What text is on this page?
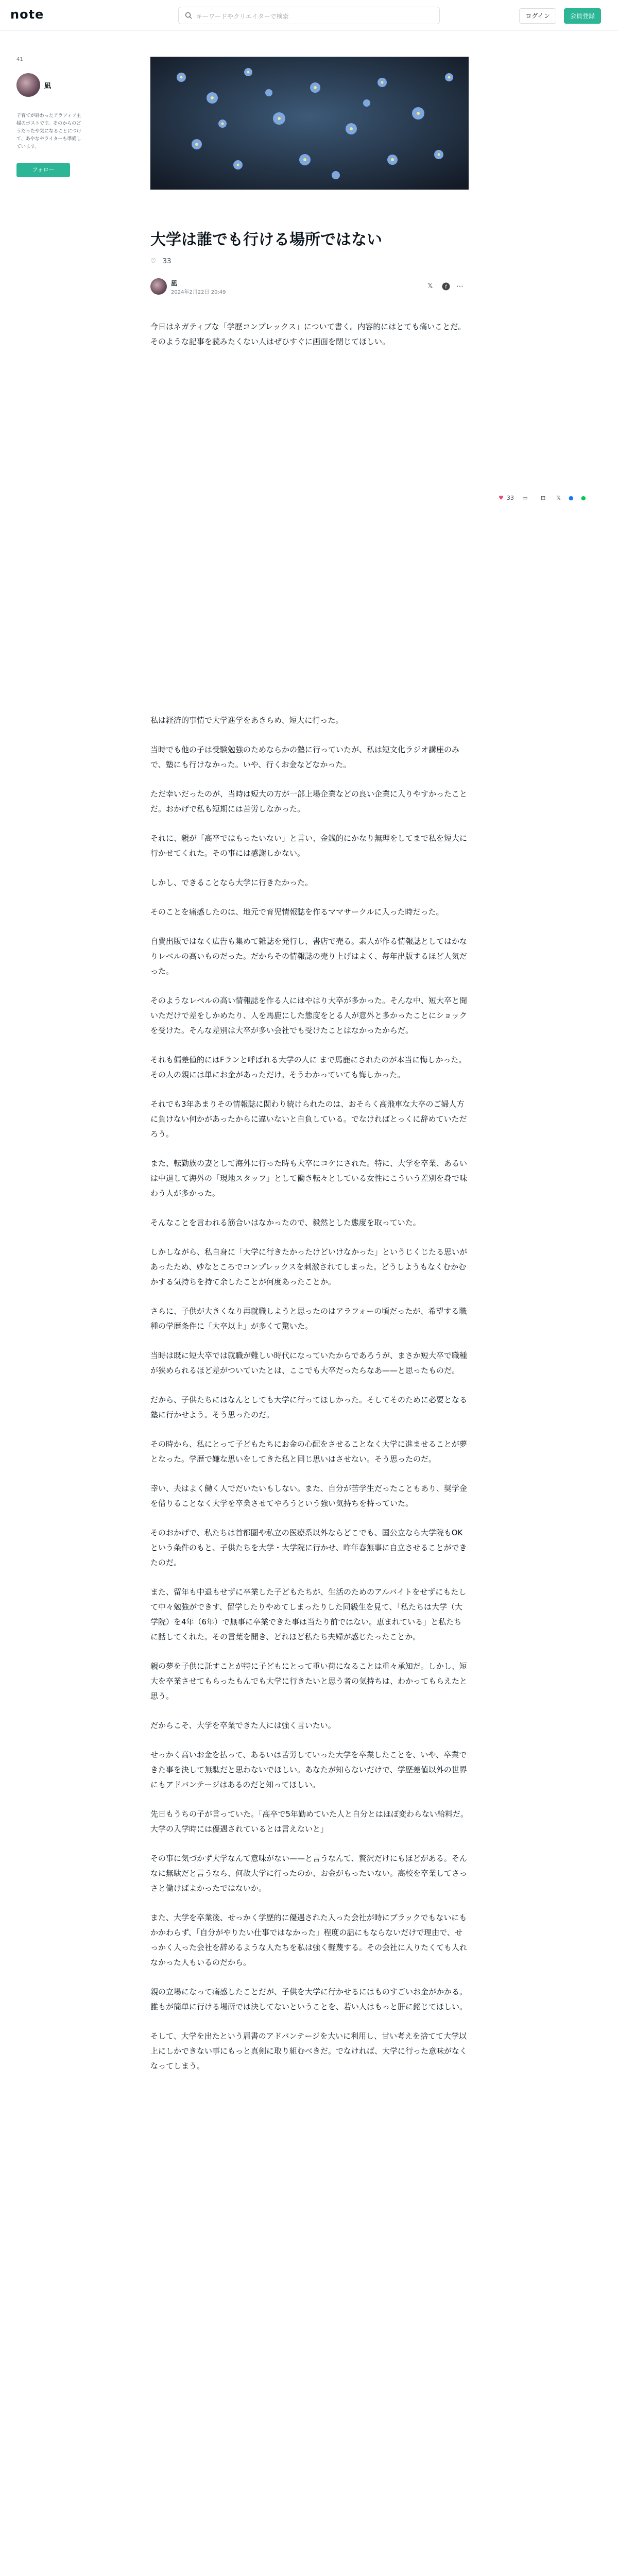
note	キーワードやクリエイターで検索	ログイン	会員登録
41
凪
子育てが終わったアラフィフ主婦のポストです。そのからのどうだったや気になることにつけて、あやなやライターも準備しています。
フォロー
大学は誰でも行ける場所ではない
♡ 33
凪
2024年2月22日 20:49
𝕏	f ⋯
♥ 33 ▭ ⊟ 𝕏 ● ●

今日はネガティブな「学歴コンプレックス」について書く。内容的にはとても痛いことだ。そのような記事を読みたくない人はぜひすぐに画面を閉じてほしい。

私は経済的事情で大学進学をあきらめ、短大に行った。

当時でも他の子は受験勉強のためならかの塾に行っていたが、私は短文化ラジオ講座のみで、塾にも行けなかった。いや、行くお金などなかった。

ただ幸いだったのが、当時は短大の方が一部上場企業などの良い企業に入りやすかったことだ。おかげで私も短期には苦労しなかった。

それに、親が「高卒ではもったいない」と言い、金銭的にかなり無理をしてまで私を短大に行かせてくれた。その事には感謝しかない。

しかし、できることなら大学に行きたかった。

そのことを痛感したのは、地元で育児情報誌を作るママサークルに入った時だった。

自費出版ではなく広告も集めて雑誌を発行し、書店で売る。素人が作る情報誌としてはかなりレベルの高いものだった。だからその情報誌の売り上げはよく、毎年出版するほど人気だった。

そのようなレベルの高い情報誌を作る人にはやはり大卒が多かった。そんな中、短大卒と聞いただけで差をしかめたり、人を馬鹿にした態度をとる人が意外と多かったことにショックを受けた。そんな差別は大卒が多い会社でも受けたことはなかったからだ。

それも偏差値的にはFランと呼ばれる大学の人に まで馬鹿にされたのが本当に悔しかった。その人の親には単にお金があっただけ。そうわかっていても悔しかった。

それでも3年あまりその情報誌に関わり続けられたのは、おそらく高飛車な大卒のご婦人方に負けない何かがあったからに違いないと自負している。でなければとっくに辞めていただろう。

また、転勤族の妻として海外に行った時も大卒にコケにされた。特に、大学を卒業、あるいは中退して海外の「現地スタッフ」として働き転々としている女性にこういう差別を身で味わう人が多かった。

そんなことを言われる筋合いはなかったので、毅然とした態度を取っていた。

しかしながら、私自身に「大学に行きたかったけどいけなかった」というじくじたる思いがあったため、妙なところでコンプレックスを刺激されてしまった。どうしようもなくむかむかする気持ちを持て余したことが何度あったことか。

さらに、子供が大きくなり再就職しようと思ったのはアラフォーの頃だったが、希望する職種の学歴条件に「大卒以上」が多くて驚いた。

当時は既に短大卒では就職が難しい時代になっていたからであろうが、まさか短大卒で職種が狭められるほど差がついていたとは、ここでも大卒だったらなあ——と思ったものだ。

だから、子供たちにはなんとしても大学に行ってほしかった。そしてそのために必要となる塾に行かせよう。そう思ったのだ。

その時から、私にとって子どもたちにお金の心配をさせることなく大学に進ませることが夢となった。学歴で嫌な思いをしてきた私と同じ思いはさせない。そう思ったのだ。

幸い、夫はよく働く人でだいたいもしない。また、自分が苦学生だったこともあり、奨学金を借りることなく大学を卒業させてやろうという強い気持ちを持っていた。

そのおかげで、私たちは首都圏や私立の医療系以外ならどこでも、国公立なら大学院もOKという条件のもと、子供たちを大学・大学院に行かせ、昨年春無事に自立させることができたのだ。

また、留年も中退もせずに卒業した子どもたちが、生活のためのアルバイトをせずにもたして中々勉強ができす、留学したりやめてしまったりした同級生を見て、「私たちは大学（大学院）を4年（6年）で無事に卒業できた事は当たり前ではない。恵まれている」と私たちに話してくれた。その言葉を聞き、どれほど私たち夫婦が感じたったことか。

親の夢を子供に託すことが特に子どもにとって重い荷になることは重々承知だ。しかし、短大を卒業させてもらったもんでも大学に行きたいと思う者の気持ちは、わかってもらえたと思う。

だからこそ、大学を卒業できた人には強く言いたい。

せっかく高いお金を払って、あるいは苦労していった大学を卒業したことを、いや、卒業できた事を決して無駄だと思わないでほしい。あなたが知らないだけで、学歴差値以外の世界にもアドバンテージはあるのだと知ってほしい。

先日もうちの子が言っていた。「高卒で5年勤めていた人と自分とはほぼ変わらない給料だ。大学の入学時には優遇されているとは言えないと」

その事に気づかず大学なんて意味がない——と言うなんて、贅沢だけにもほどがある。そんなに無駄だと言うなら、何故大学に行ったのか、お金がもったいない。高校を卒業してさっさと働けばよかったではないか。

また、大学を卒業後、せっかく学歴的に優遇された入った会社が時にブラックでもないにもかかわらず、「自分がやりたい仕事ではなかった」程度の話にもならないだけで理由で、せっかく入った会社を辞めるような人たちを私は強く軽蔑する。その会社に入りたくても入れなかった人もいるのだから。

親の立場になって痛感したことだが、子供を大学に行かせるにはものすごいお金がかかる。誰もが簡単に行ける場所では決してないということを、若い人はもっと肝に銘じてほしい。

そして、大学を出たという肩書のアドバンテージを大いに利用し、甘い考えを捨てて大学以上にしかできない事にもっと真剣に取り組むべきだ。でなければ、大学に行った意味がなくなってしまう。
